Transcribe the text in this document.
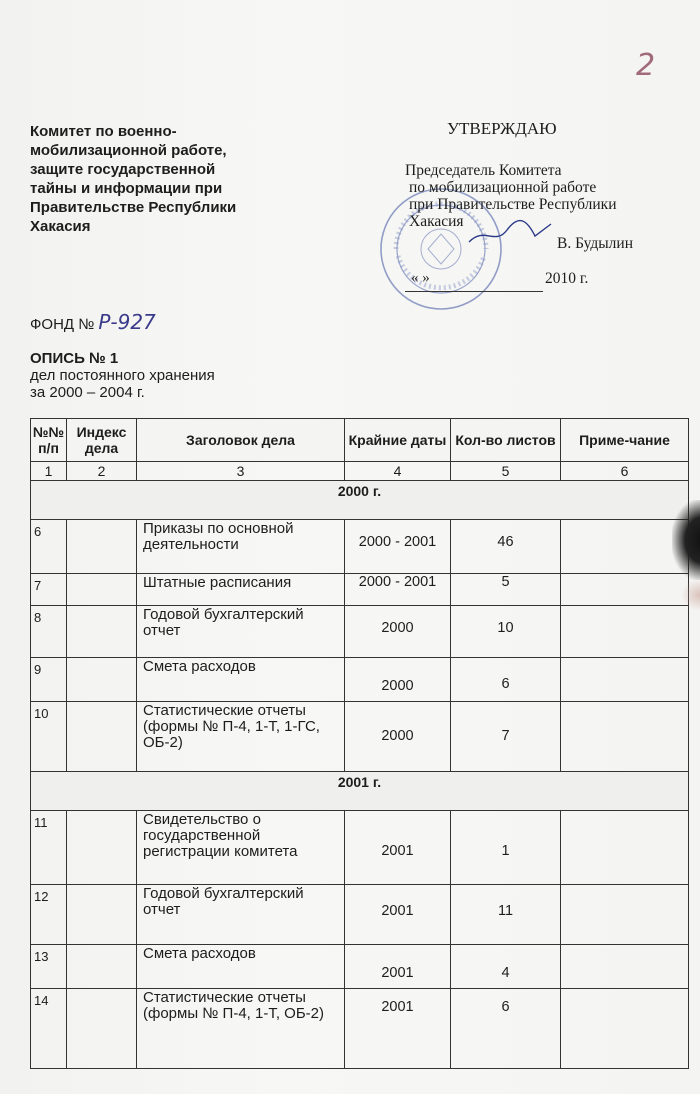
2
Комитет по военно-
мобилизационной работе,
защите государственной
тайны и информации при
Правительстве Республики
Хакасия
УТВЕРЖДАЮ
Председатель Комитета
по мобилизационной работе
при Правительстве Республики
Хакасия
В. Будылин
« »	2010 г.
ФОНД № Р-927
ОПИСЬ № 1
дел постоянного хранения
за 2000 – 2004 г.
№№ п/п	Индекс дела	Заголовок дела	Крайние даты	Кол-во листов	Приме-чание
1	2	3	4	5	6
2000 г.					
6		Приказы по основной деятельности	2000 - 2001	46	
7		Штатные расписания	2000 - 2001	5	
8		Годовой бухгалтерский отчет	2000	10	
9		Смета расходов	2000	6	
10		Статистические отчеты (формы № П-4, 1-Т, 1-ГС, ОБ-2)	2000	7	
2001 г.					
11		Свидетельство о государственной регистрации комитета	2001	1	
12		Годовой бухгалтерский отчет	2001	11	
13		Смета расходов	2001	4	
14		Статистические отчеты (формы № П-4, 1-Т, ОБ-2)	2001	6	
